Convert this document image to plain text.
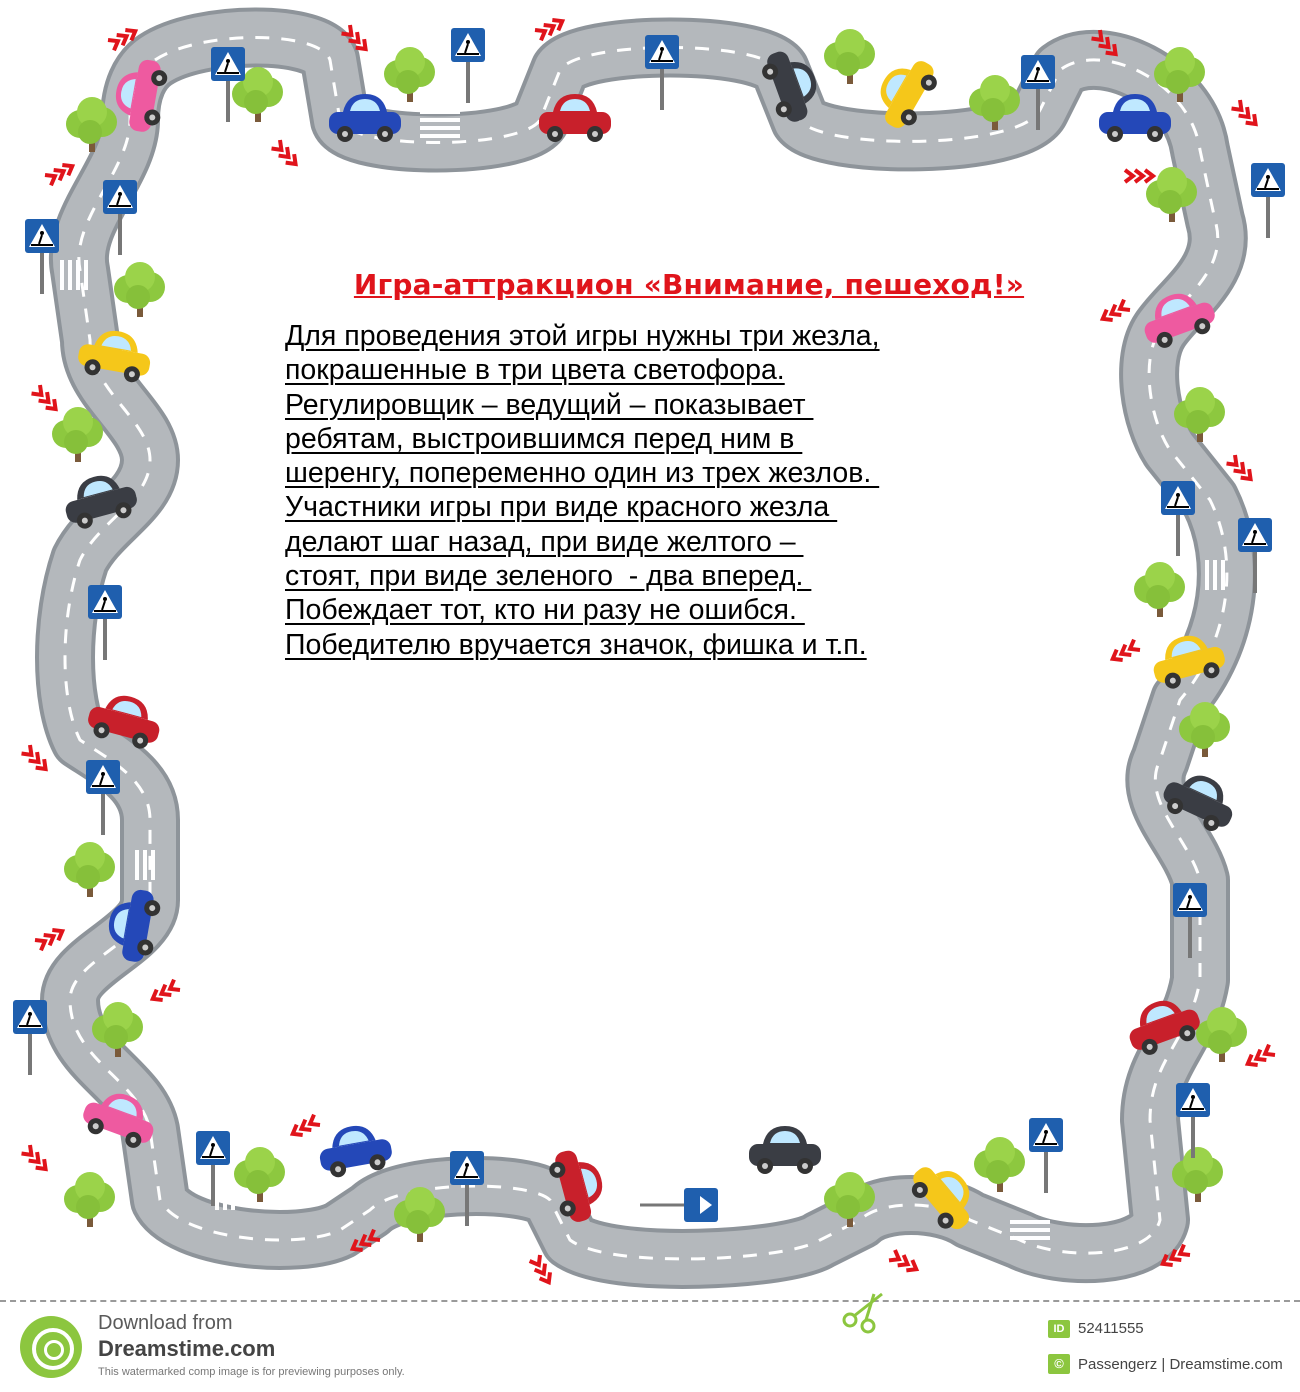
Игра-аттракцион «Внимание, пешеход!»
Для проведения этой игры нужны три жезла,
покрашенные в три цвета светофора.
Регулировщик – ведущий – показывает
ребятам, выстроившимся перед ним в
шеренгу, попеременно один из трех жезлов.
Участники игры при виде красного жезла
делают шаг назад, при виде желтого –
стоят, при виде зеленого  - два вперед.
Побеждает тот, кто ни разу не ошибся.
Победителю вручается значок, фишка и т.п.
Download from
Dreamstime.com
This watermarked comp image is for previewing purposes only.
ID 52411555
© Passengerz | Dreamstime.com
